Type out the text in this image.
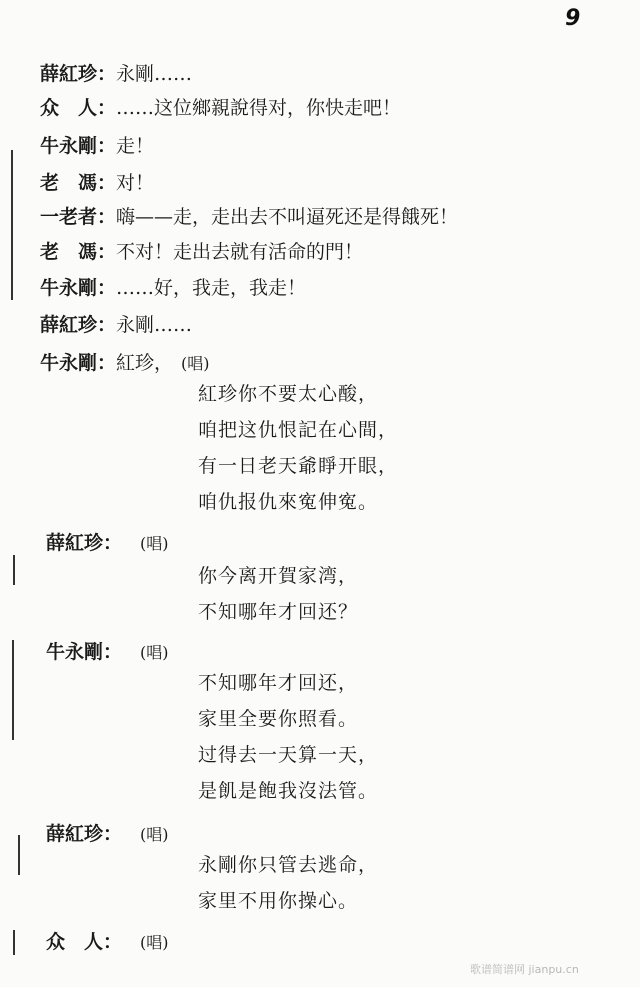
9
薛紅珍：永剛……
众　人：……这位鄉親說得对，你快走吧！
牛永剛：走！
老　馮：对！
一老者：嗨——走，走出去不叫逼死还是得餓死！
老　馮：不对！走出去就有活命的門！
牛永剛：……好，我走，我走！
薛紅珍：永剛……
牛永剛：紅珍， (唱)
紅珍你不要太心酸，
咱把这仇恨記在心間，
有一日老天爺睜开眼，
咱仇报仇來寃伸寃。
薛紅珍： (唱)
你今离开賀家湾，
不知哪年才回还？
牛永剛： (唱)
不知哪年才回还，
家里全要你照看。
过得去一天算一天，
是飢是飽我沒法管。
薛紅珍： (唱)
永剛你只管去逃命，
家里不用你操心。
众　人： (唱)
歌谱简谱网 jianpu.cn
